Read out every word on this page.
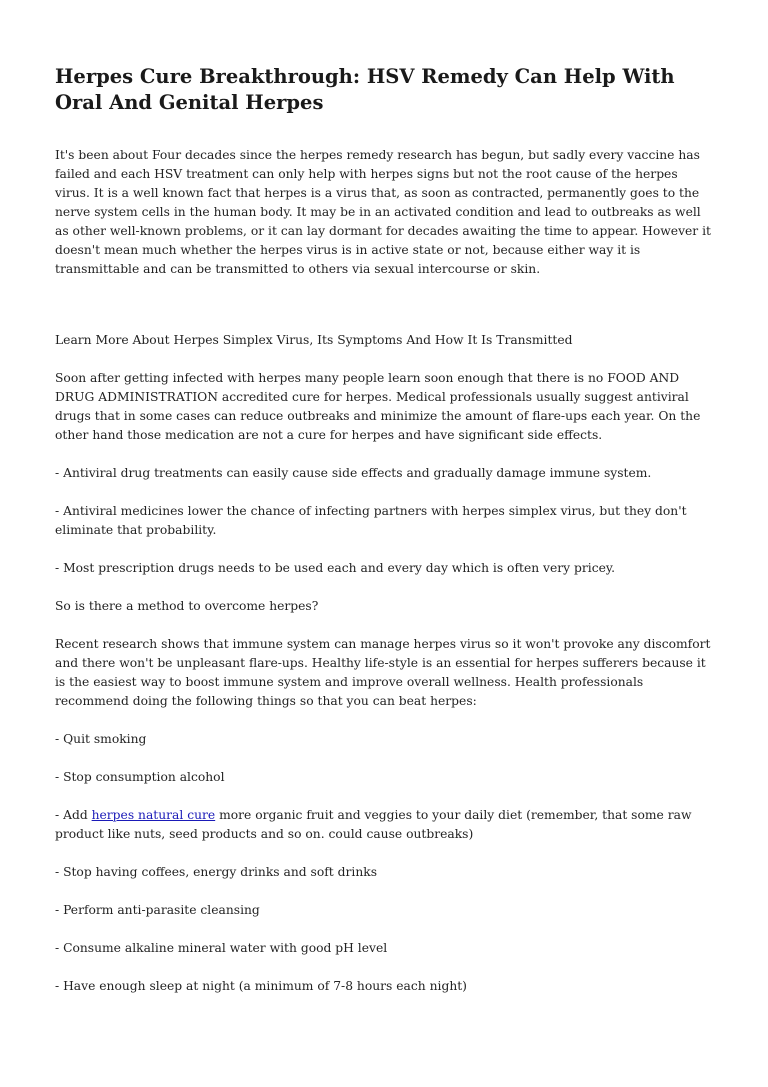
Herpes Cure Breakthrough: HSV Remedy Can Help With Oral And Genital Herpes

It's been about Four decades since the herpes remedy research has begun, but sadly every vaccine has failed and each HSV treatment can only help with herpes signs but not the root cause of the herpes virus. It is a well known fact that herpes is a virus that, as soon as contracted, permanently goes to the nerve system cells in the human body. It may be in an activated condition and lead to outbreaks as well as other well-known problems, or it can lay dormant for decades awaiting the time to appear. However it doesn't mean much whether the herpes virus is in active state or not, because either way it is transmittable and can be transmitted to others via sexual intercourse or skin.

Learn More About Herpes Simplex Virus, Its Symptoms And How It Is Transmitted

Soon after getting infected with herpes many people learn soon enough that there is no FOOD AND DRUG ADMINISTRATION accredited cure for herpes. Medical professionals usually suggest antiviral drugs that in some cases can reduce outbreaks and minimize the amount of flare-ups each year. On the other hand those medication are not a cure for herpes and have significant side effects.

- Antiviral drug treatments can easily cause side effects and gradually damage immune system.

- Antiviral medicines lower the chance of infecting partners with herpes simplex virus, but they don't eliminate that probability.

- Most prescription drugs needs to be used each and every day which is often very pricey.

So is there a method to overcome herpes?

Recent research shows that immune system can manage herpes virus so it won't provoke any discomfort and there won't be unpleasant flare-ups. Healthy life-style is an essential for herpes sufferers because it is the easiest way to boost immune system and improve overall wellness. Health professionals recommend doing the following things so that you can beat herpes:

- Quit smoking

- Stop consumption alcohol

- Add herpes natural cure more organic fruit and veggies to your daily diet (remember, that some raw product like nuts, seed products and so on. could cause outbreaks)

- Stop having coffees, energy drinks and soft drinks

- Perform anti-parasite cleansing

- Consume alkaline mineral water with good pH level

- Have enough sleep at night (a minimum of 7-8 hours each night)
